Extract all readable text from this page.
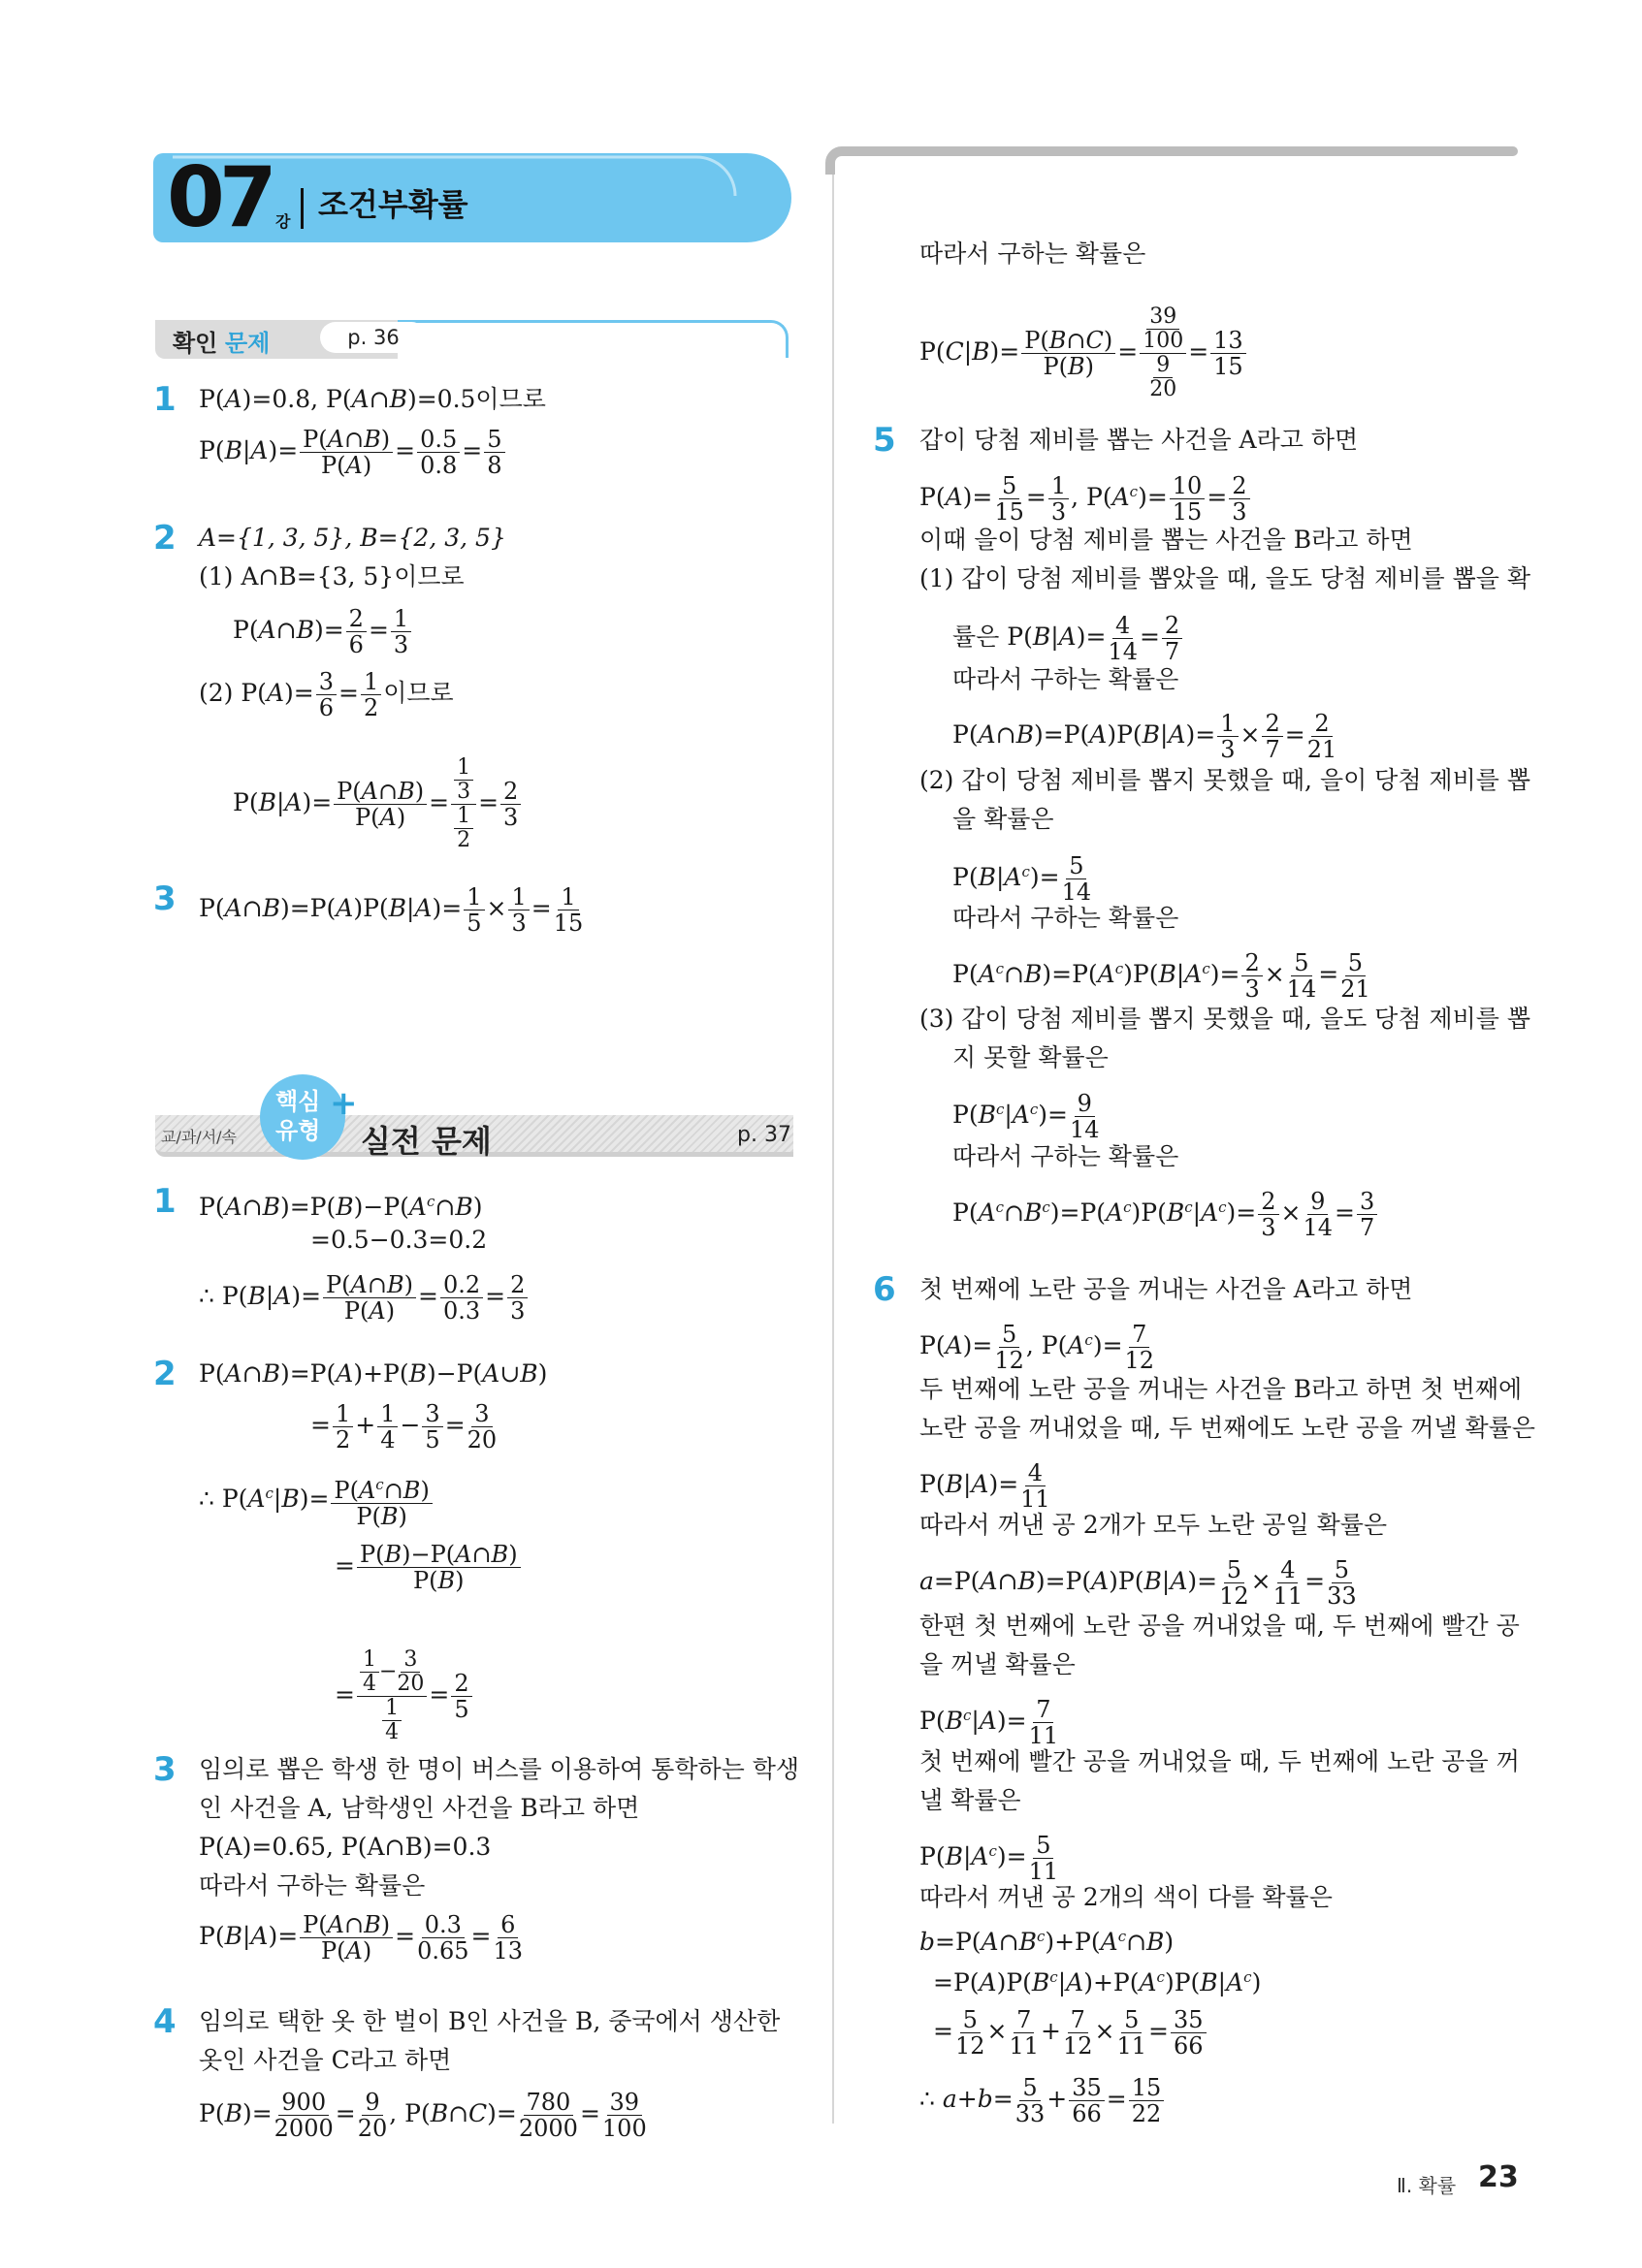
07 강 조건부확률
확인 문제	p. 36
1 P(A)=0.8, P(A∩B)=0.5이므로
$P(B|A)= \frac{P(A\cap B)}{P(A)} = \frac{0.5}{0.8} = \frac{5}{8}$
2 A={1, 3, 5}, B={2, 3, 5}
(1) A∩B={3, 5}이므로
P(A∩B)= $\frac{2}{6} = \frac{1}{3}$
(2) $P(A)= \frac{3}{6} = \frac{1}{2}$ 이므로
$P(B|A)= \frac{P(A\cap B)}{P(A)} = \frac{\frac{1}{3}}{\frac{1}{2}} = \frac{2}{3}$
3 P(A∩B)=P(A)P(B|A)= $\frac{1}{5} \times \frac{1}{3} = \frac{1}{15}$
교/과/서/속
핵심
유형
+
실전 문제	p. 37
1 $P(A\cap B)=P(B)-P(A^c\cap B)$
=0.5−0.3=0.2
∴ $P(B|A)= \frac{P(A\cap B)}{P(A)} = \frac{0.2}{0.3} = \frac{2}{3}$
2 P(A∩B)=P(A)+P(B)−P(A∪B)
= $\frac{1}{2} + \frac{1}{4} - \frac{3}{5} = \frac{3}{20}$
∴ $P(A^c|B)= \frac{P(A^c\cap B)}{P(B)}$
= $\frac{P(B)-P(A\cap B)}{P(B)}$
= $\frac{\frac{1}{4} - \frac{3}{20}}{\frac{1}{4}} = \frac{2}{5}$
3 임의로 뽑은 학생 한 명이 버스를 이용하여 통학하는 학생
인 사건을 A, 남학생인 사건을 B라고 하면
P(A)=0.65, P(A∩B)=0.3
따라서 구하는 확률은
$P(B|A)= \frac{P(A\cap B)}{P(A)} = \frac{0.3}{0.65} = \frac{6}{13}$
4 임의로 택한 옷 한 벌이 B인 사건을 B, 중국에서 생산한
옷인 사건을 C라고 하면
$P(B)= \frac{900}{2000} = \frac{9}{20}$ , P(B∩C)= $\frac{780}{2000} = \frac{39}{100}$
따라서 구하는 확률은
$P(C|B)= \frac{P(B\cap C)}{P(B)} = \frac{\frac{39}{100}}{\frac{9}{20}} = \frac{13}{15}$
5 갑이 당첨 제비를 뽑는 사건을 A라고 하면
$P(A)= \frac{5}{15} = \frac{1}{3}$ , $P(A^c)= \frac{10}{15} = \frac{2}{3}$
이때 을이 당첨 제비를 뽑는 사건을 B라고 하면
(1) 갑이 당첨 제비를 뽑았을 때, 을도 당첨 제비를 뽑을 확
률은 $P(B|A)= \frac{4}{14} = \frac{2}{7}$
따라서 구하는 확률은
P(A∩B)=P(A)P(B|A)= $\frac{1}{3} \times \frac{2}{7} = \frac{2}{21}$
(2) 갑이 당첨 제비를 뽑지 못했을 때, 을이 당첨 제비를 뽑
을 확률은
$P(B|A^c)= \frac{5}{14}$
따라서 구하는 확률은
$P(A^c\cap B)=P(A^c)P(B|A^c)= \frac{2}{3} \times \frac{5}{14} = \frac{5}{21}$
(3) 갑이 당첨 제비를 뽑지 못했을 때, 을도 당첨 제비를 뽑
지 못할 확률은
$P(B^c|A^c)= \frac{9}{14}$
따라서 구하는 확률은
$P(A^c\cap B^c)=P(A^c)P(B^c|A^c)= \frac{2}{3} \times \frac{9}{14} = \frac{3}{7}$
6 첫 번째에 노란 공을 꺼내는 사건을 A라고 하면
$P(A)= \frac{5}{12}$ , $P(A^c)= \frac{7}{12}$
두 번째에 노란 공을 꺼내는 사건을 B라고 하면 첫 번째에
노란 공을 꺼내었을 때, 두 번째에도 노란 공을 꺼낼 확률은
$P(B|A)= \frac{4}{11}$
따라서 꺼낸 공 2개가 모두 노란 공일 확률은
a=P(A∩B)=P(A)P(B|A)= $\frac{5}{12} \times \frac{4}{11} = \frac{5}{33}$
한편 첫 번째에 노란 공을 꺼내었을 때, 두 번째에 빨간 공
을 꺼낼 확률은
$P(B^c|A)= \frac{7}{11}$
첫 번째에 빨간 공을 꺼내었을 때, 두 번째에 노란 공을 꺼
낼 확률은
$P(B|A^c)= \frac{5}{11}$
따라서 꺼낸 공 2개의 색이 다를 확률은
$b=P(A\cap B^c)+P(A^c\cap B)$
$=P(A)P(B^c|A)+P(A^c)P(B|A^c)$
= $\frac{5}{12} \times \frac{7}{11} + \frac{7}{12} \times \frac{5}{11} = \frac{35}{66}$
∴ $a+b= \frac{5}{33} + \frac{35}{66} = \frac{15}{22}$
Ⅱ. 확률 23
